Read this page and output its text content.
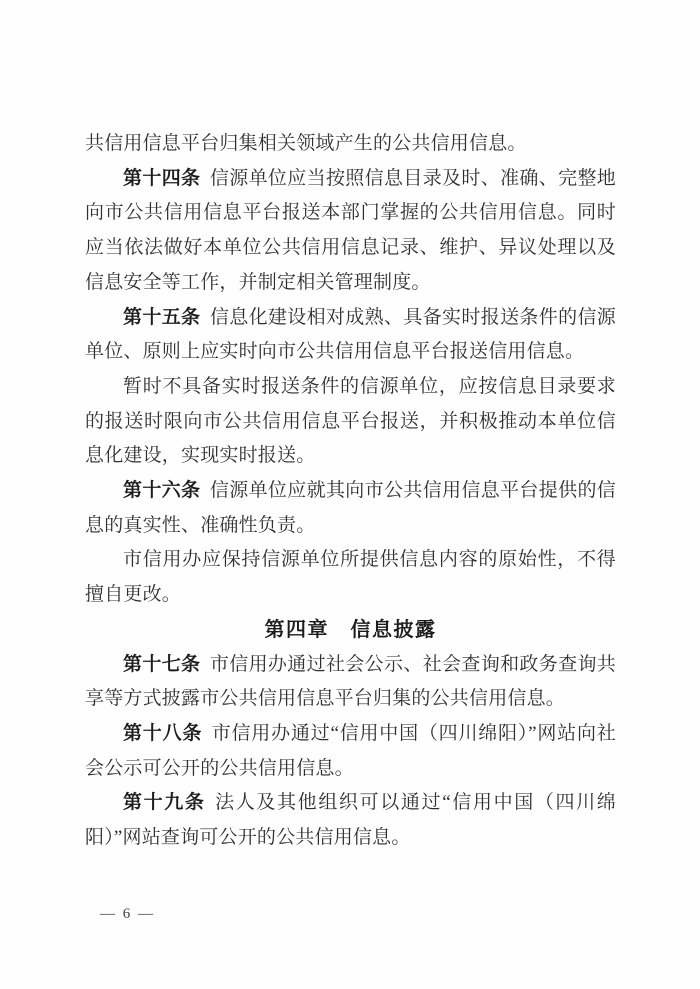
共信用信息平台归集相关领域产生的公共信用信息。

第十四条 信源单位应当按照信息目录及时、准确、完整地向市公共信用信息平台报送本部门掌握的公共信用信息。同时应当依法做好本单位公共信用信息记录、维护、异议处理以及信息安全等工作，并制定相关管理制度。

第十五条 信息化建设相对成熟、具备实时报送条件的信源单位、原则上应实时向市公共信用信息平台报送信用信息。

暂时不具备实时报送条件的信源单位，应按信息目录要求的报送时限向市公共信用信息平台报送，并积极推动本单位信息化建设，实现实时报送。

第十六条 信源单位应就其向市公共信用信息平台提供的信息的真实性、准确性负责。

市信用办应保持信源单位所提供信息内容的原始性，不得擅自更改。

第四章　信息披露

第十七条 市信用办通过社会公示、社会查询和政务查询共享等方式披露市公共信用信息平台归集的公共信用信息。

第十八条 市信用办通过“信用中国（四川绵阳）”网站向社会公示可公开的公共信用信息。

第十九条 法人及其他组织可以通过“信用中国（四川绵阳）”网站查询可公开的公共信用信息。

— 6 —
